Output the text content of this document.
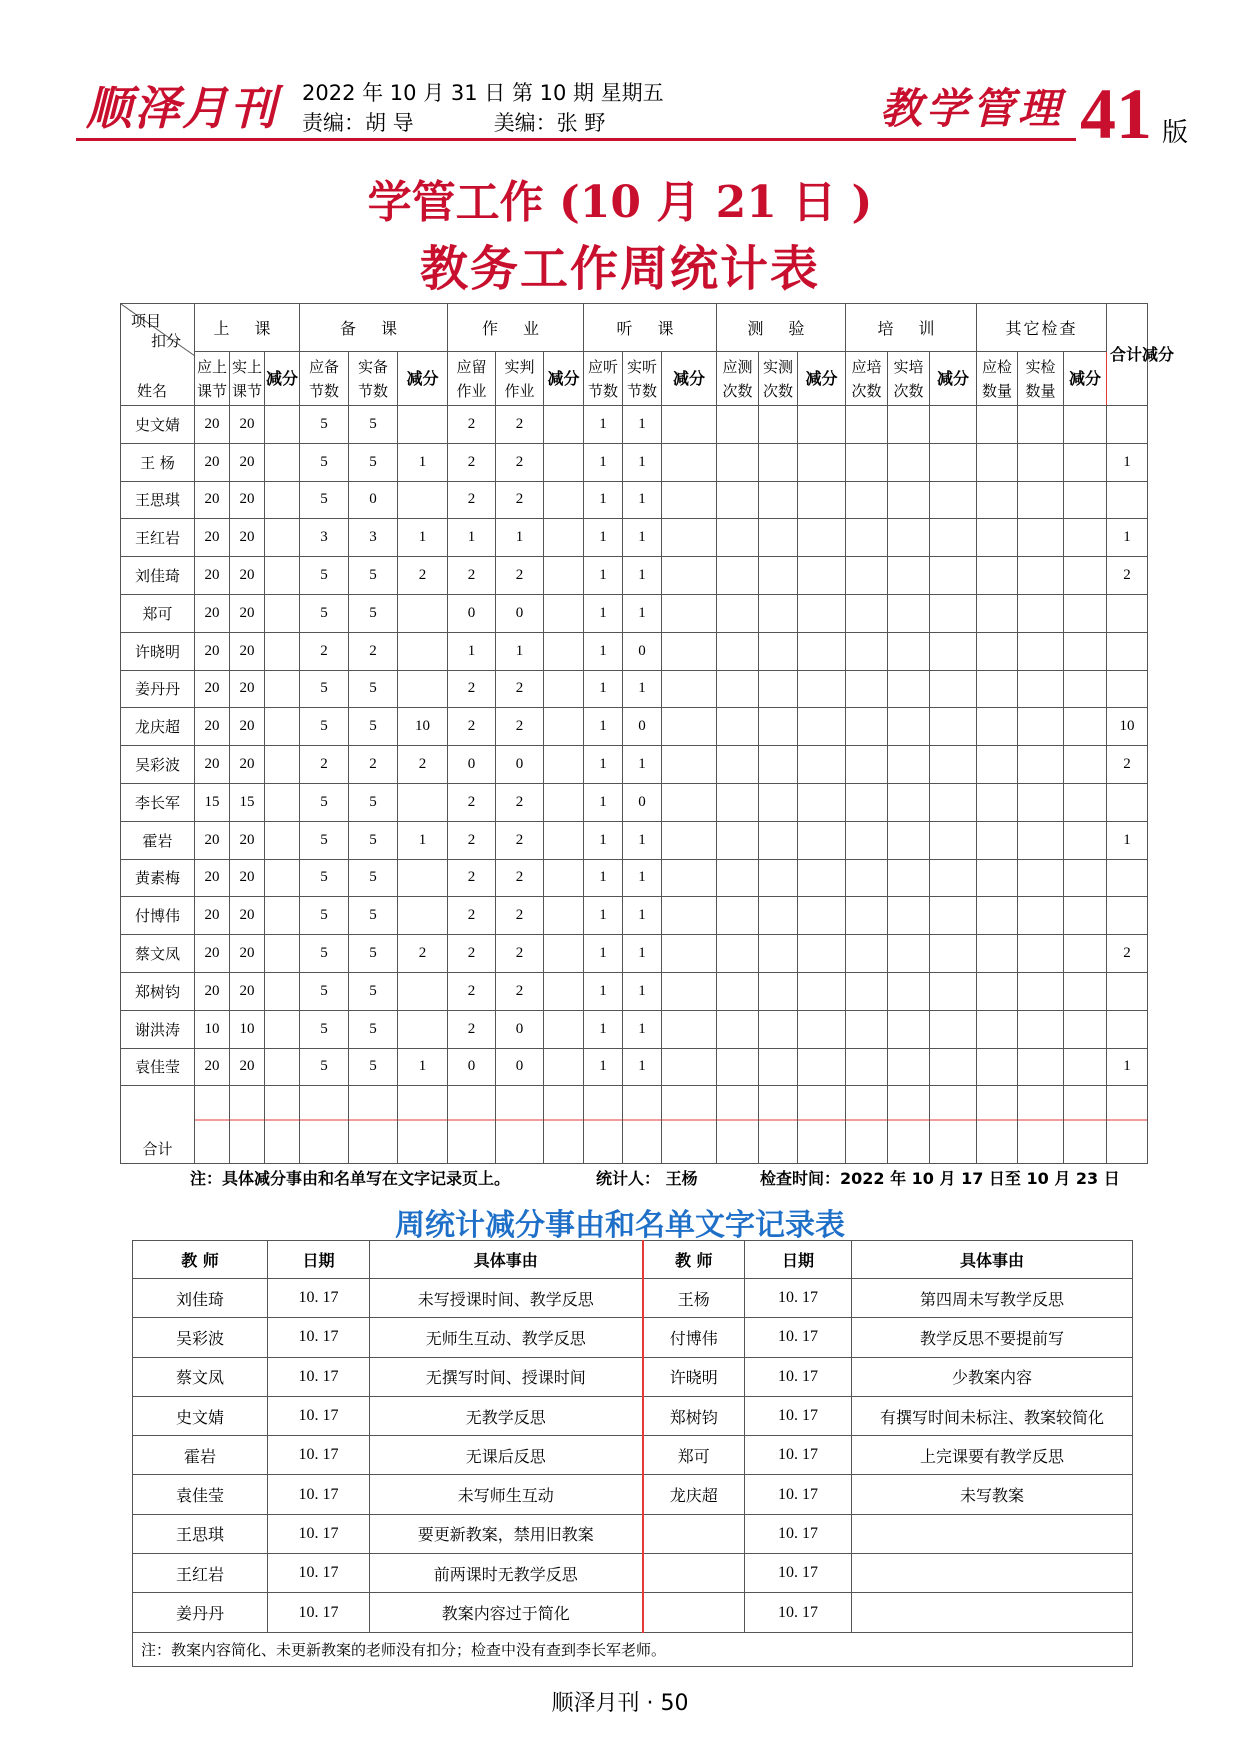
顺泽月刊	2022 年 10 月 31 日 第 10 期 星期五
责编：胡 导	美编：张 野	教学管理 41 版
学管工作 (10 月 21 日 )
教务工作周统计表
项目
扣分
姓名	上 课			备 课			作 业			听 课			测 验			培 训			其它检查			合计减分
	应上课节	实上课节	减分	应备节数	实备节数	减分	应留作业	实判作业	减分	应听节数	实听节数	减分	应测次数	实测次数	减分	应培次数	实培次数	减分	应检数量	实检数量	减分	
史文婧	20	20		5	5		2	2		1	1											
王 杨	20	20		5	5	1	2	2		1	1											1
王思琪	20	20		5	0		2	2		1	1											
王红岩	20	20		3	3	1	1	1		1	1											1
刘佳琦	20	20		5	5	2	2	2		1	1											2
郑可	20	20		5	5		0	0		1	1											
许晓明	20	20		2	2		1	1		1	0											
姜丹丹	20	20		5	5		2	2		1	1											
龙庆超	20	20		5	5	10	2	2		1	0											10
吴彩波	20	20		2	2	2	0	0		1	1											2
李长军	15	15		5	5		2	2		1	0											
霍岩	20	20		5	5	1	2	2		1	1											1
黄素梅	20	20		5	5		2	2		1	1											
付博伟	20	20		5	5		2	2		1	1											
蔡文凤	20	20		5	5	2	2	2		1	1											2
郑树钧	20	20		5	5		2	2		1	1											
谢洪涛	10	10		5	5		2	0		1	1											
袁佳莹	20	20		5	5	1	0	0		1	1											1
合计																						
注：具体减分事由和名单写在文字记录页上。	统计人： 王杨	检查时间：2022 年 10 月 17 日至 10 月 23 日
周统计减分事由和名单文字记录表
教 师	日期	具体事由	教 师	日期	具体事由
刘佳琦	10. 17	未写授课时间、教学反思	王杨	10. 17	第四周未写教学反思
吴彩波	10. 17	无师生互动、教学反思	付博伟	10. 17	教学反思不要提前写
蔡文凤	10. 17	无撰写时间、授课时间	许晓明	10. 17	少教案内容
史文婧	10. 17	无教学反思	郑树钧	10. 17	有撰写时间未标注、教案较简化
霍岩	10. 17	无课后反思	郑可	10. 17	上完课要有教学反思
袁佳莹	10. 17	未写师生互动	龙庆超	10. 17	未写教案
王思琪	10. 17	要更新教案，禁用旧教案		10. 17	
王红岩	10. 17	前两课时无教学反思		10. 17	
姜丹丹	10. 17	教案内容过于简化		10. 17	
注：教案内容简化、未更新教案的老师没有扣分；检查中没有查到李长军老师。					
顺泽月刊 · 50
